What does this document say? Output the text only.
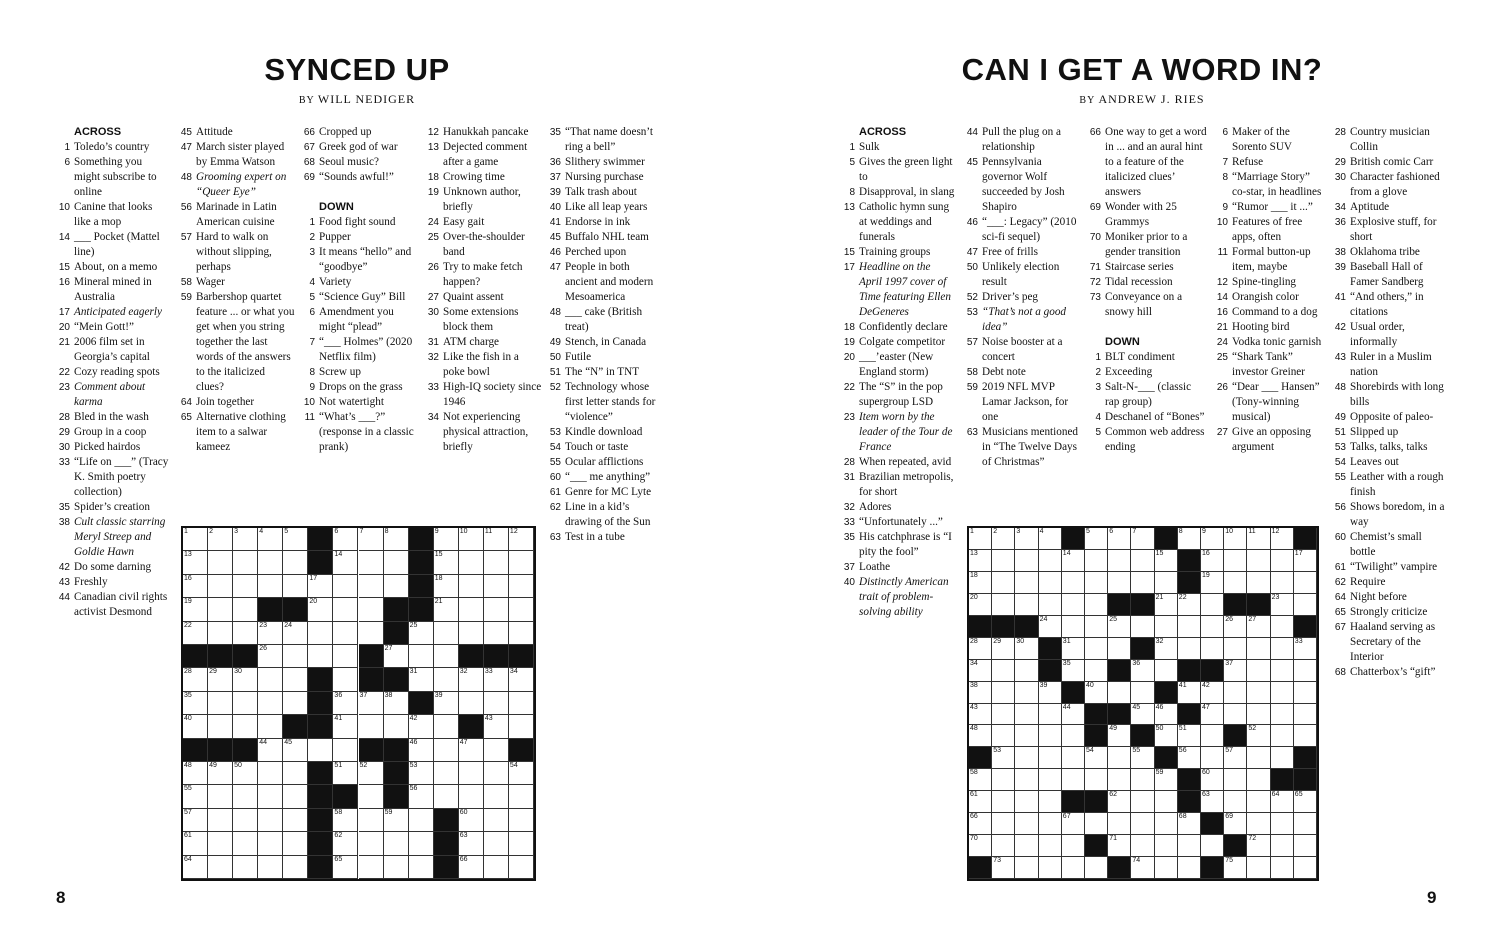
SYNCED UP
BY WILL NEDIGER
ACROSS
1 Toledo’s country
6 Something you might subscribe to online
10 Canine that looks like a mop
14 ___ Pocket (Mattel line)
15 About, on a memo
16 Mineral mined in Australia
17 Anticipated eagerly
20 “Mein Gott!”
21 2006 film set in Georgia’s capital
22 Cozy reading spots
23 Comment about karma
28 Bled in the wash
29 Group in a coop
30 Picked hairdos
33 “Life on ___” (Tracy K. Smith poetry collection)
35 Spider’s creation
38 Cult classic starring Meryl Streep and Goldie Hawn
42 Do some darning
43 Freshly
44 Canadian civil rights activist Desmond
45 Attitude
47 March sister played by Emma Watson
48 Grooming expert on “Queer Eye”
56 Marinade in Latin American cuisine
57 Hard to walk on without slipping, perhaps
58 Wager
59 Barbershop quartet feature ... or what you get when you string together the last words of the answers to the italicized clues?
64 Join together
65 Alternative clothing item to a salwar kameez
66 Cropped up
67 Greek god of war
68 Seoul music?
69 “Sounds awful!”
DOWN
1 Food fight sound
2 Pupper
3 It means “hello” and “goodbye”
4 Variety
5 “Science Guy” Bill
6 Amendment you might “plead”
7 “___ Holmes” (2020 Netflix film)
8 Screw up
9 Drops on the grass
10 Not watertight
11 “What’s ___?” (response in a classic prank)
12 Hanukkah pancake
13 Dejected comment after a game
18 Crowing time
19 Unknown author, briefly
24 Easy gait
25 Over-the-shoulder band
26 Try to make fetch happen?
27 Quaint assent
30 Some extensions block them
31 ATM charge
32 Like the fish in a poke bowl
33 High-IQ society since 1946
34 Not experiencing physical attraction, briefly
35 “That name doesn’t ring a bell”
36 Slithery swimmer
37 Nursing purchase
39 Talk trash about
40 Like all leap years
41 Endorse in ink
45 Buffalo NHL team
46 Perched upon
47 People in both ancient and modern Mesoamerica
48 ___ cake (British treat)
49 Stench, in Canada
50 Futile
51 The “N” in TNT
52 Technology whose first letter stands for “violence”
53 Kindle download
54 Touch or taste
55 Ocular afflictions
60 “___ me anything”
61 Genre for MC Lyte
62 Line in a kid’s drawing of the Sun
63 Test in a tube
1	2	3	4	5	6	7	8	9	10 11	12
13	14	15
16	17	18
19	20	21
22	23 24	25
26	27
28 29 30	31	32 33 34
35	36 37 38	39
40	41	42	43
44 45	46	47
48 49 50	51 52	53	54
55	56
57	58	59	60
61	62	63
64	65	66
8
CAN I GET A WORD IN?
BY ANDREW J. RIES
ACROSS
1 Sulk
5 Gives the green light to
8 Disapproval, in slang
13 Catholic hymn sung at weddings and funerals
15 Training groups
17 Headline on the April 1997 cover of Time featuring Ellen DeGeneres
18 Confidently declare
19 Colgate competitor
20 ___’easter (New England storm)
22 The “S” in the pop supergroup LSD
23 Item worn by the leader of the Tour de France
28 When repeated, avid
31 Brazilian metropolis, for short
32 Adores
33 “Unfortunately ...”
35 His catchphrase is “I pity the fool”
37 Loathe
40 Distinctly American trait of problem-solving ability
44 Pull the plug on a relationship
45 Pennsylvania governor Wolf succeeded by Josh Shapiro
46 “___: Legacy” (2010 sci-fi sequel)
47 Free of frills
50 Unlikely election result
52 Driver’s peg
53 “That’s not a good idea”
57 Noise booster at a concert
58 Debt note
59 2019 NFL MVP Lamar Jackson, for one
63 Musicians mentioned in “The Twelve Days of Christmas”
66 One way to get a word in ... and an aural hint to a feature of the italicized clues’ answers
69 Wonder with 25 Grammys
70 Moniker prior to a gender transition
71 Staircase series
72 Tidal recession
73 Conveyance on a snowy hill
DOWN
1 BLT condiment
2 Exceeding
3 Salt-N-___ (classic rap group)
4 Deschanel of “Bones”
5 Common web address ending
6 Maker of the Sorento SUV
7 Refuse
8 “Marriage Story” co-star, in headlines
9 “Rumor ___ it ...”
10 Features of free apps, often
11 Formal button-up item, maybe
12 Spine-tingling
14 Orangish color
16 Command to a dog
21 Hooting bird
24 Vodka tonic garnish
25 “Shark Tank” investor Greiner
26 “Dear ___ Hansen” (Tony-winning musical)
27 Give an opposing argument
28 Country musician Collin
29 British comic Carr
30 Character fashioned from a glove
34 Aptitude
36 Explosive stuff, for short
38 Oklahoma tribe
39 Baseball Hall of Famer Sandberg
41 “And others,” in citations
42 Usual order, informally
43 Ruler in a Muslim nation
48 Shorebirds with long bills
49 Opposite of paleo-
51 Slipped up
53 Talks, talks, talks
54 Leaves out
55 Leather with a rough finish
56 Shows boredom, in a way
60 Chemist’s small bottle
61 “Twilight” vampire
62 Require
64 Night before
65 Strongly criticize
67 Haaland serving as Secretary of the Interior
68 Chatterbox’s “gift”
1	2	3	4	5	6	7	8	9	10 11 12
13	14	15	16	17
18	19
20	21 22	23
24	25	26 27
28 29 30	31	32	33
34	35	36	37
38	39	40	41 42
43	44	45 46	47
48	49	50 51	52
53	54	55	56	57
58	59	60
61	62	63	64 65
66	67	68	69
70	71	72
73	74	75
9
